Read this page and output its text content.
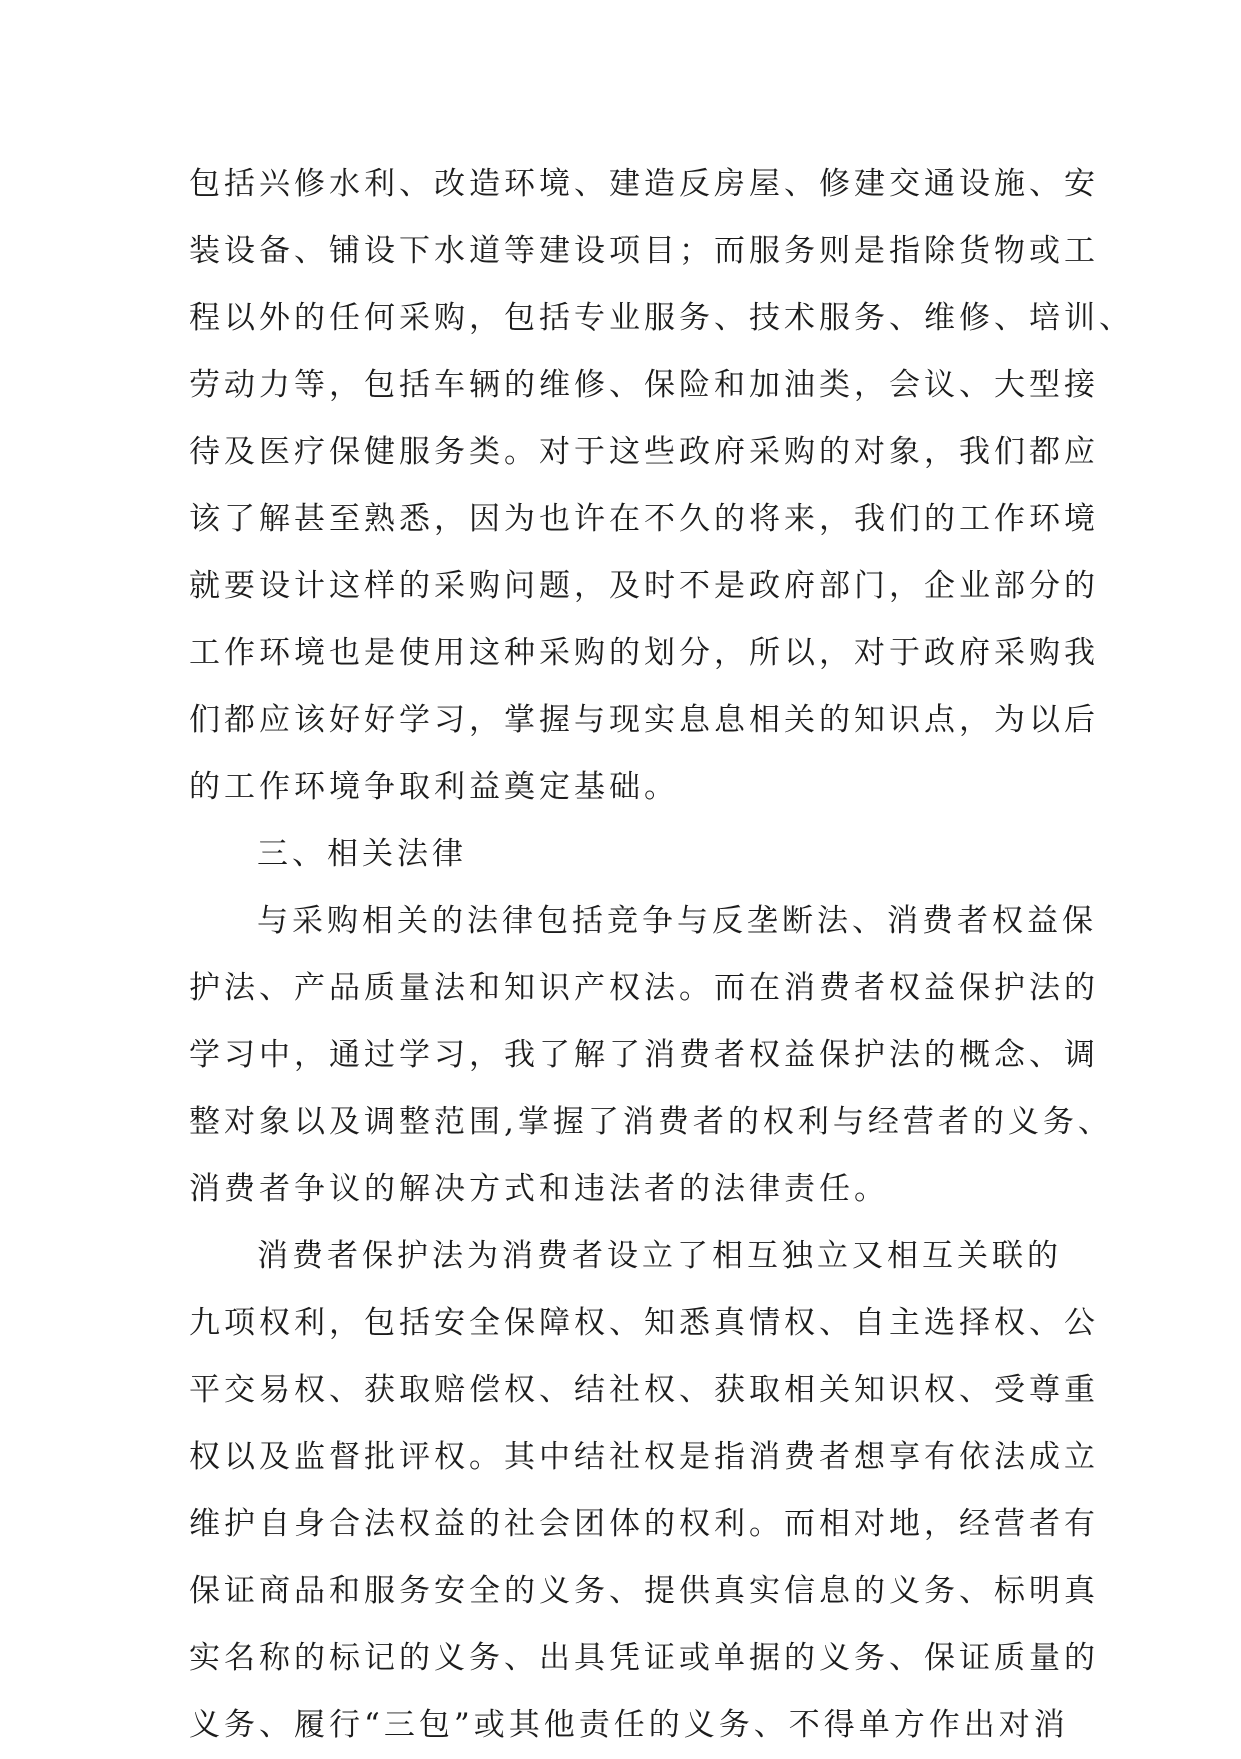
包括兴修水利、改造环境、建造反房屋、修建交通设施、安
装设备、铺设下水道等建设项目；而服务则是指除货物或工
程以外的任何采购，包括专业服务、技术服务、维修、培训、
劳动力等，包括车辆的维修、保险和加油类，会议、大型接
待及医疗保健服务类。对于这些政府采购的对象，我们都应
该了解甚至熟悉，因为也许在不久的将来，我们的工作环境
就要设计这样的采购问题，及时不是政府部门，企业部分的
工作环境也是使用这种采购的划分，所以，对于政府采购我
们都应该好好学习，掌握与现实息息相关的知识点，为以后
的工作环境争取利益奠定基础。
三、相关法律
与采购相关的法律包括竞争与反垄断法、消费者权益保
护法、产品质量法和知识产权法。而在消费者权益保护法的
学习中，通过学习，我了解了消费者权益保护法的概念、调
整对象以及调整范围,掌握了消费者的权利与经营者的义务、
消费者争议的解决方式和违法者的法律责任。
消费者保护法为消费者设立了相互独立又相互关联的
九项权利，包括安全保障权、知悉真情权、自主选择权、公
平交易权、获取赔偿权、结社权、获取相关知识权、受尊重
权以及监督批评权。其中结社权是指消费者想享有依法成立
维护自身合法权益的社会团体的权利。而相对地，经营者有
保证商品和服务安全的义务、提供真实信息的义务、标明真
实名称的标记的义务、出具凭证或单据的义务、保证质量的
义务、履行“三包”或其他责任的义务、不得单方作出对消
